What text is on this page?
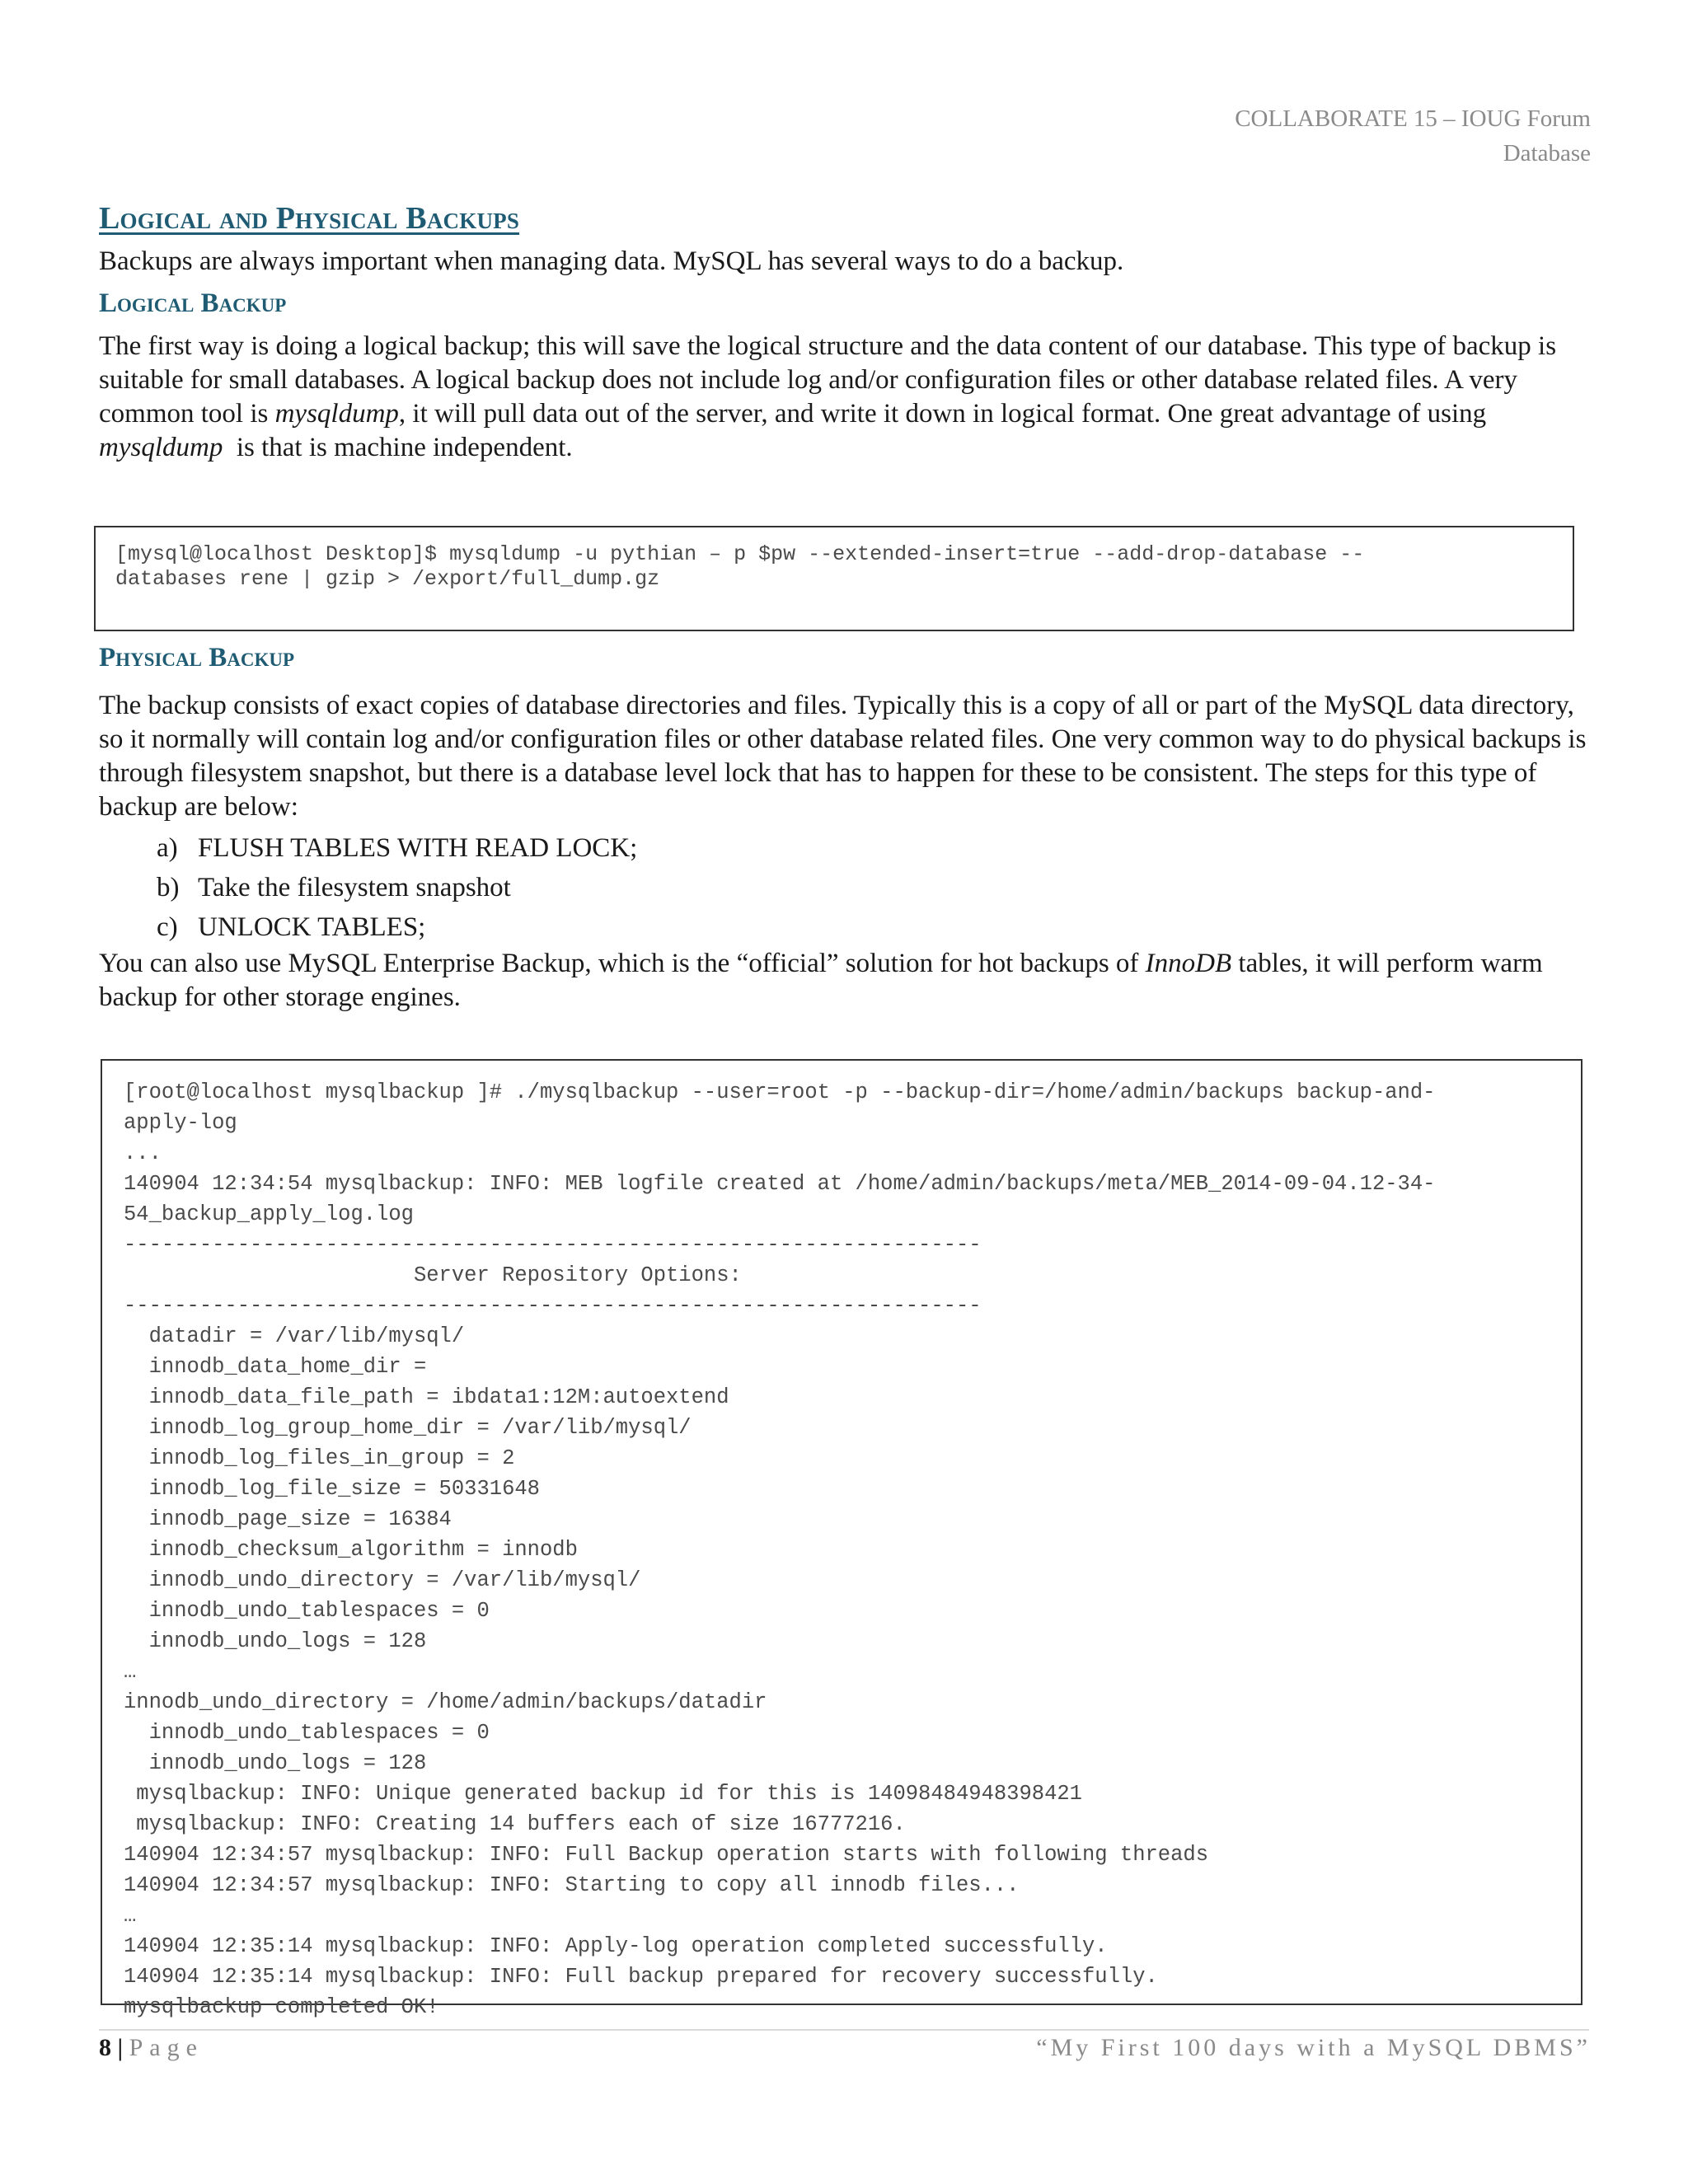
COLLABORATE 15 – IOUG Forum
Database
Logical and Physical Backups

Backups are always important when managing data. MySQL has several ways to do a backup.

Logical Backup

The first way is doing a logical backup; this will save the logical structure and the data content of our database. This type of backup is suitable for small databases. A logical backup does not include log and/or configuration files or other database related files. A very common tool is mysqldump, it will pull data out of the server, and write it down in logical format. One great advantage of using mysqldump  is that is machine independent.

[mysql@localhost Desktop]$ mysqldump -u pythian – p $pw --extended-insert=true --add-drop-database --
databases rene | gzip > /export/full_dump.gz
Physical Backup

The backup consists of exact copies of database directories and files. Typically this is a copy of all or part of the MySQL data directory, so it normally will contain log and/or configuration files or other database related files. One very common way to do physical backups is through filesystem snapshot, but there is a database level lock that has to happen for these to be consistent. The steps for this type of backup are below:

a) FLUSH TABLES WITH READ LOCK;
b) Take the filesystem snapshot
c) UNLOCK TABLES;

You can also use MySQL Enterprise Backup, which is the “official” solution for hot backups of InnoDB tables, it will perform warm backup for other storage engines.

[root@localhost mysqlbackup ]# ./mysqlbackup --user=root -p --backup-dir=/home/admin/backups backup-and-
apply-log
...
140904 12:34:54 mysqlbackup: INFO: MEB logfile created at /home/admin/backups/meta/MEB_2014-09-04.12-34-
54_backup_apply_log.log
--------------------------------------------------------------------
Server Repository Options:
--------------------------------------------------------------------
datadir = /var/lib/mysql/
innodb_data_home_dir =
innodb_data_file_path = ibdata1:12M:autoextend
innodb_log_group_home_dir = /var/lib/mysql/
innodb_log_files_in_group = 2
innodb_log_file_size = 50331648
innodb_page_size = 16384
innodb_checksum_algorithm = innodb
innodb_undo_directory = /var/lib/mysql/
innodb_undo_tablespaces = 0
innodb_undo_logs = 128
…
innodb_undo_directory = /home/admin/backups/datadir
innodb_undo_tablespaces = 0
innodb_undo_logs = 128
mysqlbackup: INFO: Unique generated backup id for this is 14098484948398421
mysqlbackup: INFO: Creating 14 buffers each of size 16777216.
140904 12:34:57 mysqlbackup: INFO: Full Backup operation starts with following threads
140904 12:34:57 mysqlbackup: INFO: Starting to copy all innodb files...
…
140904 12:35:14 mysqlbackup: INFO: Apply-log operation completed successfully.
140904 12:35:14 mysqlbackup: INFO: Full backup prepared for recovery successfully.
mysqlbackup completed OK!
8 | Page	“My First 100 days with a MySQL DBMS”
